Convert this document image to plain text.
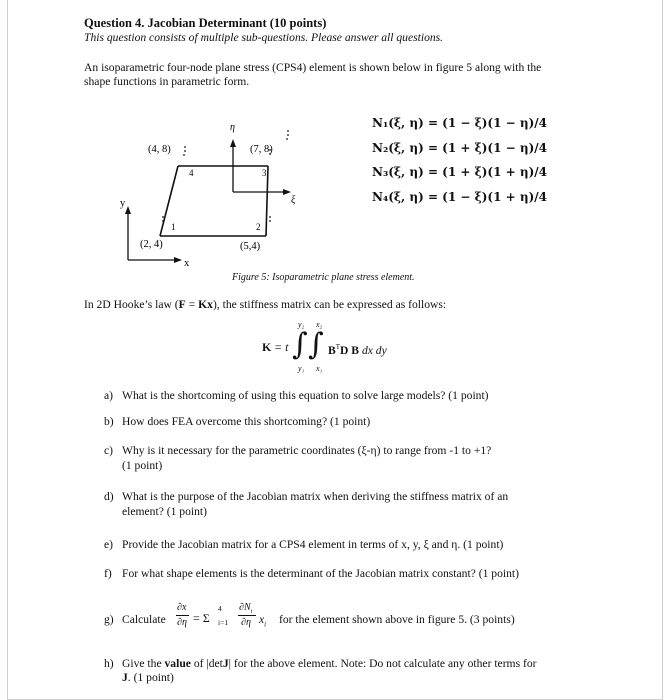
Question 4. Jacobian Determinant (10 points)
This question consists of multiple sub-questions. Please answer all questions.
An isoparametric four-node plane stress (CPS4) element is shown below in figure 5 along with the
shape functions in parametric form.
(4, 8)	(7, 8)
(2, 4)	(5,4)
4	3
1	2
y
x
η
ξ
N₁(ξ, η) = (1 − ξ)(1 − η)/4
N₂(ξ, η) = (1 + ξ)(1 − η)/4
N₃(ξ, η) = (1 + ξ)(1 + η)/4
N₄(ξ, η) = (1 − ξ)(1 + η)/4
Figure 5: Isoparametric plane stress element.
In 2D Hooke’s law (F = Kx), the stiffness matrix can be expressed as follows:
K = t ∫ ∫
y₂ x₂
y₁ x₁
$B^TD$ B dx dy
a) What is the shortcoming of using this equation to solve large models? (1 point)
b) How does FEA overcome this shortcoming? (1 point)
c) Why is it necessary for the parametric coordinates (ξ-η) to range from -1 to +1?
(1 point)
d) What is the purpose of the Jacobian matrix when deriving the stiffness matrix of an
element? (1 point)
e) Provide the Jacobian matrix for a CPS4 element in terms of x, y, ξ and η. (1 point)
f) For what shape elements is the determinant of the Jacobian matrix constant? (1 point)
g) Calculate
∂x
∂η = Σ
4
i=1
$\partial N_i$
∂η $x_i$ for the element shown above in figure 5. (3 points)
h) Give the value of |detJ| for the above element. Note: Do not calculate any other terms for
J. (1 point)
